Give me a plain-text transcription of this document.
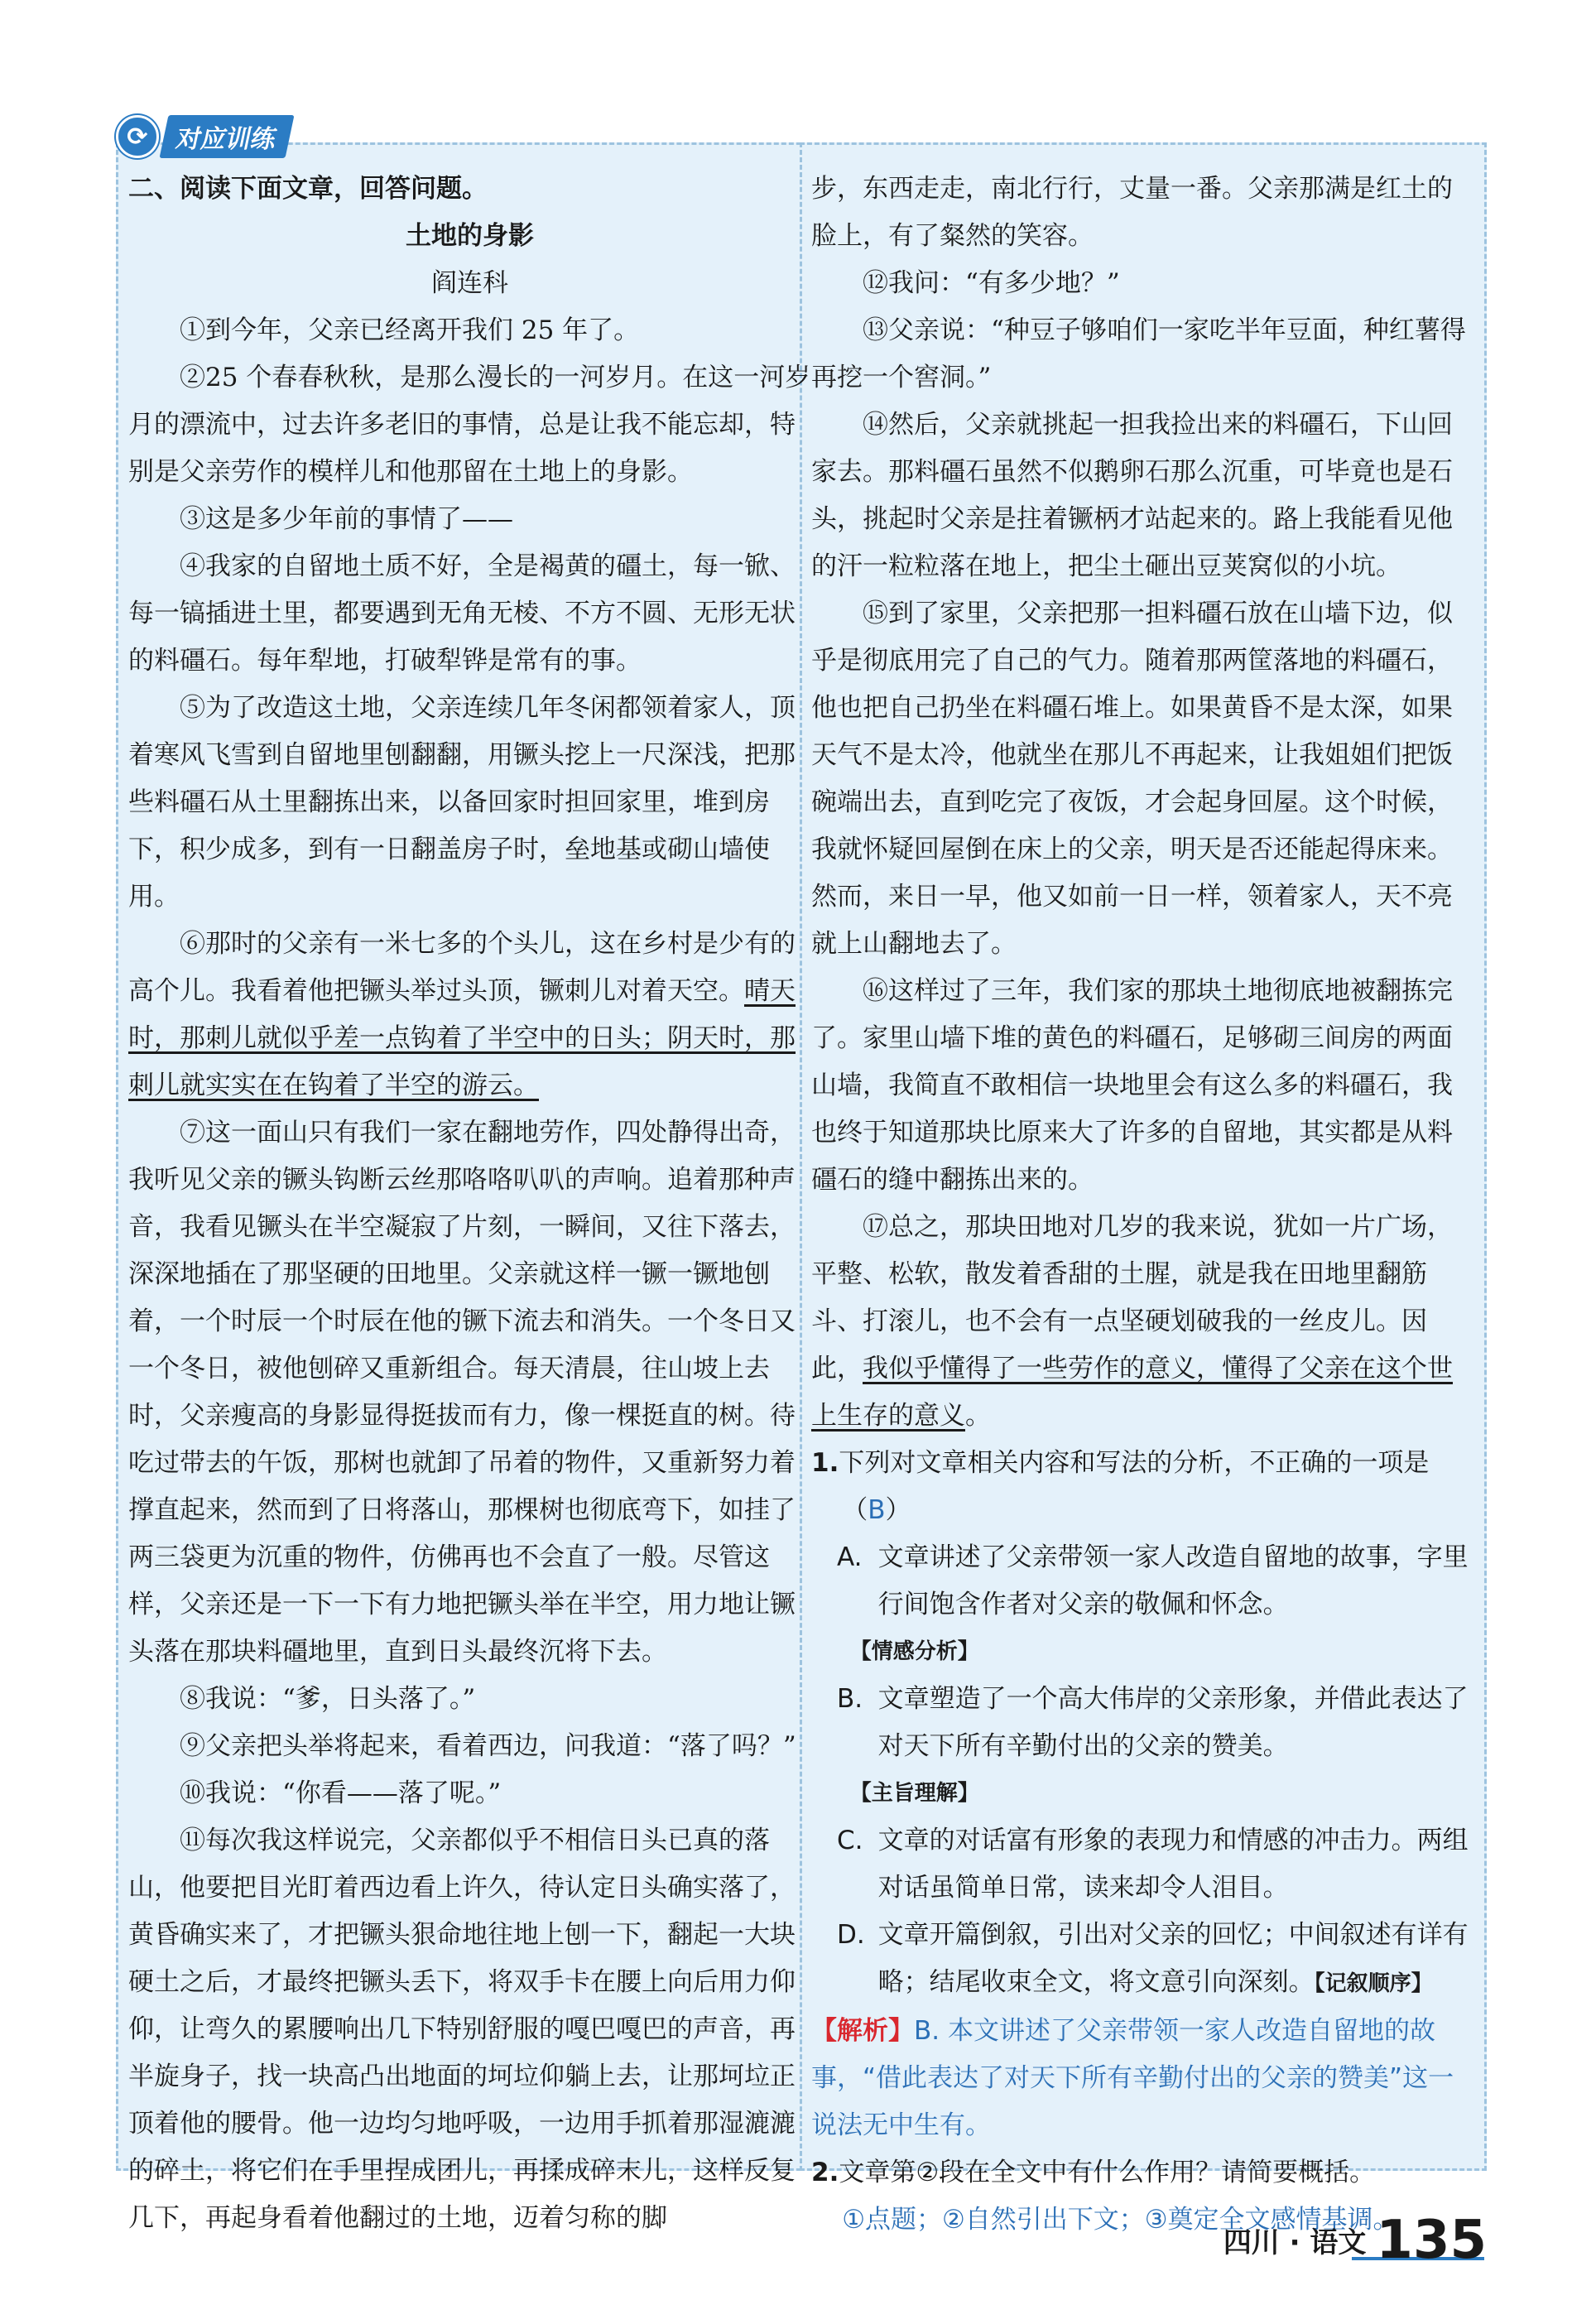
⟳	对应训练

二、阅读下面文章，回答问题。

土地的身影

阎连科

①到今年，父亲已经离开我们 25 年了。

②25 个春春秋秋，是那么漫长的一河岁月。在这一河岁月的漂流中，过去许多老旧的事情，总是让我不能忘却，特别是父亲劳作的模样儿和他那留在土地上的身影。

③这是多少年前的事情了——

④我家的自留地土质不好，全是褐黄的礓土，每一锨、每一镐插进土里，都要遇到无角无棱、不方不圆、无形无状的料礓石。每年犁地，打破犁铧是常有的事。

⑤为了改造这土地，父亲连续几年冬闲都领着家人，顶着寒风飞雪到自留地里刨翻翻，用镢头挖上一尺深浅，把那些料礓石从土里翻拣出来，以备回家时担回家里，堆到房下，积少成多，到有一日翻盖房子时，垒地基或砌山墙使用。

⑥那时的父亲有一米七多的个头儿，这在乡村是少有的高个儿。我看着他把镢头举过头顶，镢刺儿对着天空。晴天时，那刺儿就似乎差一点钩着了半空中的日头；阴天时，那刺儿就实实在在钩着了半空的游云。

⑦这一面山只有我们一家在翻地劳作，四处静得出奇，我听见父亲的镢头钩断云丝那咯咯叭叭的声响。追着那种声音，我看见镢头在半空凝寂了片刻，一瞬间，又往下落去，深深地插在了那坚硬的田地里。父亲就这样一镢一镢地刨着，一个时辰一个时辰在他的镢下流去和消失。一个冬日又一个冬日，被他刨碎又重新组合。每天清晨，往山坡上去时，父亲瘦高的身影显得挺拔而有力，像一棵挺直的树。待吃过带去的午饭，那树也就卸了吊着的物件，又重新努力着撑直起来，然而到了日将落山，那棵树也彻底弯下，如挂了两三袋更为沉重的物件，仿佛再也不会直了一般。尽管这样，父亲还是一下一下有力地把镢头举在半空，用力地让镢头落在那块料礓地里，直到日头最终沉将下去。

⑧我说：“爹，日头落了。”

⑨父亲把头举将起来，看着西边，问我道：“落了吗？”

⑩我说：“你看——落了呢。”

⑪每次我这样说完，父亲都似乎不相信日头已真的落山，他要把目光盯着西边看上许久，待认定日头确实落了，黄昏确实来了，才把镢头狠命地往地上刨一下，翻起一大块硬土之后，才最终把镢头丢下，将双手卡在腰上向后用力仰仰，让弯久的累腰响出几下特别舒服的嘎巴嘎巴的声音，再半旋身子，找一块高凸出地面的坷垃仰躺上去，让那坷垃正顶着他的腰骨。他一边均匀地呼吸，一边用手抓着那湿漉漉的碎土，将它们在手里捏成团儿，再揉成碎末儿，这样反复几下，再起身看着他翻过的土地，迈着匀称的脚

步，东西走走，南北行行，丈量一番。父亲那满是红土的脸上，有了粲然的笑容。

⑫我问：“有多少地？”

⑬父亲说：“种豆子够咱们一家吃半年豆面，种红薯得再挖一个窖洞。”

⑭然后，父亲就挑起一担我捡出来的料礓石，下山回家去。那料礓石虽然不似鹅卵石那么沉重，可毕竟也是石头，挑起时父亲是拄着镢柄才站起来的。路上我能看见他的汗一粒粒落在地上，把尘土砸出豆荚窝似的小坑。

⑮到了家里，父亲把那一担料礓石放在山墙下边，似乎是彻底用完了自己的气力。随着那两筐落地的料礓石，他也把自己扔坐在料礓石堆上。如果黄昏不是太深，如果天气不是太冷，他就坐在那儿不再起来，让我姐姐们把饭碗端出去，直到吃完了夜饭，才会起身回屋。这个时候，我就怀疑回屋倒在床上的父亲，明天是否还能起得床来。然而，来日一早，他又如前一日一样，领着家人，天不亮就上山翻地去了。

⑯这样过了三年，我们家的那块土地彻底地被翻拣完了。家里山墙下堆的黄色的料礓石，足够砌三间房的两面山墙，我简直不敢相信一块地里会有这么多的料礓石，我也终于知道那块比原来大了许多的自留地，其实都是从料礓石的缝中翻拣出来的。

⑰总之，那块田地对几岁的我来说，犹如一片广场，平整、松软，散发着香甜的土腥，就是我在田地里翻筋斗、打滚儿，也不会有一点坚硬划破我的一丝皮儿。因此，我似乎懂得了一些劳作的意义，懂得了父亲在这个世上生存的意义。

1.下列对文章相关内容和写法的分析，不正确的一项是（B）

A. 文章讲述了父亲带领一家人改造自留地的故事，字里行间饱含作者对父亲的敬佩和怀念。

【情感分析】

B. 文章塑造了一个高大伟岸的父亲形象，并借此表达了对天下所有辛勤付出的父亲的赞美。

【主旨理解】

C. 文章的对话富有形象的表现力和情感的冲击力。两组对话虽简单日常，读来却令人泪目。

D. 文章开篇倒叙，引出对父亲的回忆；中间叙述有详有略；结尾收束全文，将文意引向深刻。【记叙顺序】

【解析】B. 本文讲述了父亲带领一家人改造自留地的故事，“借此表达了对天下所有辛勤付出的父亲的赞美”这一说法无中生有。

2.文章第②段在全文中有什么作用？请简要概括。

①点题；②自然引出下文；③奠定全文感情基调。

四川 · 语文 135
